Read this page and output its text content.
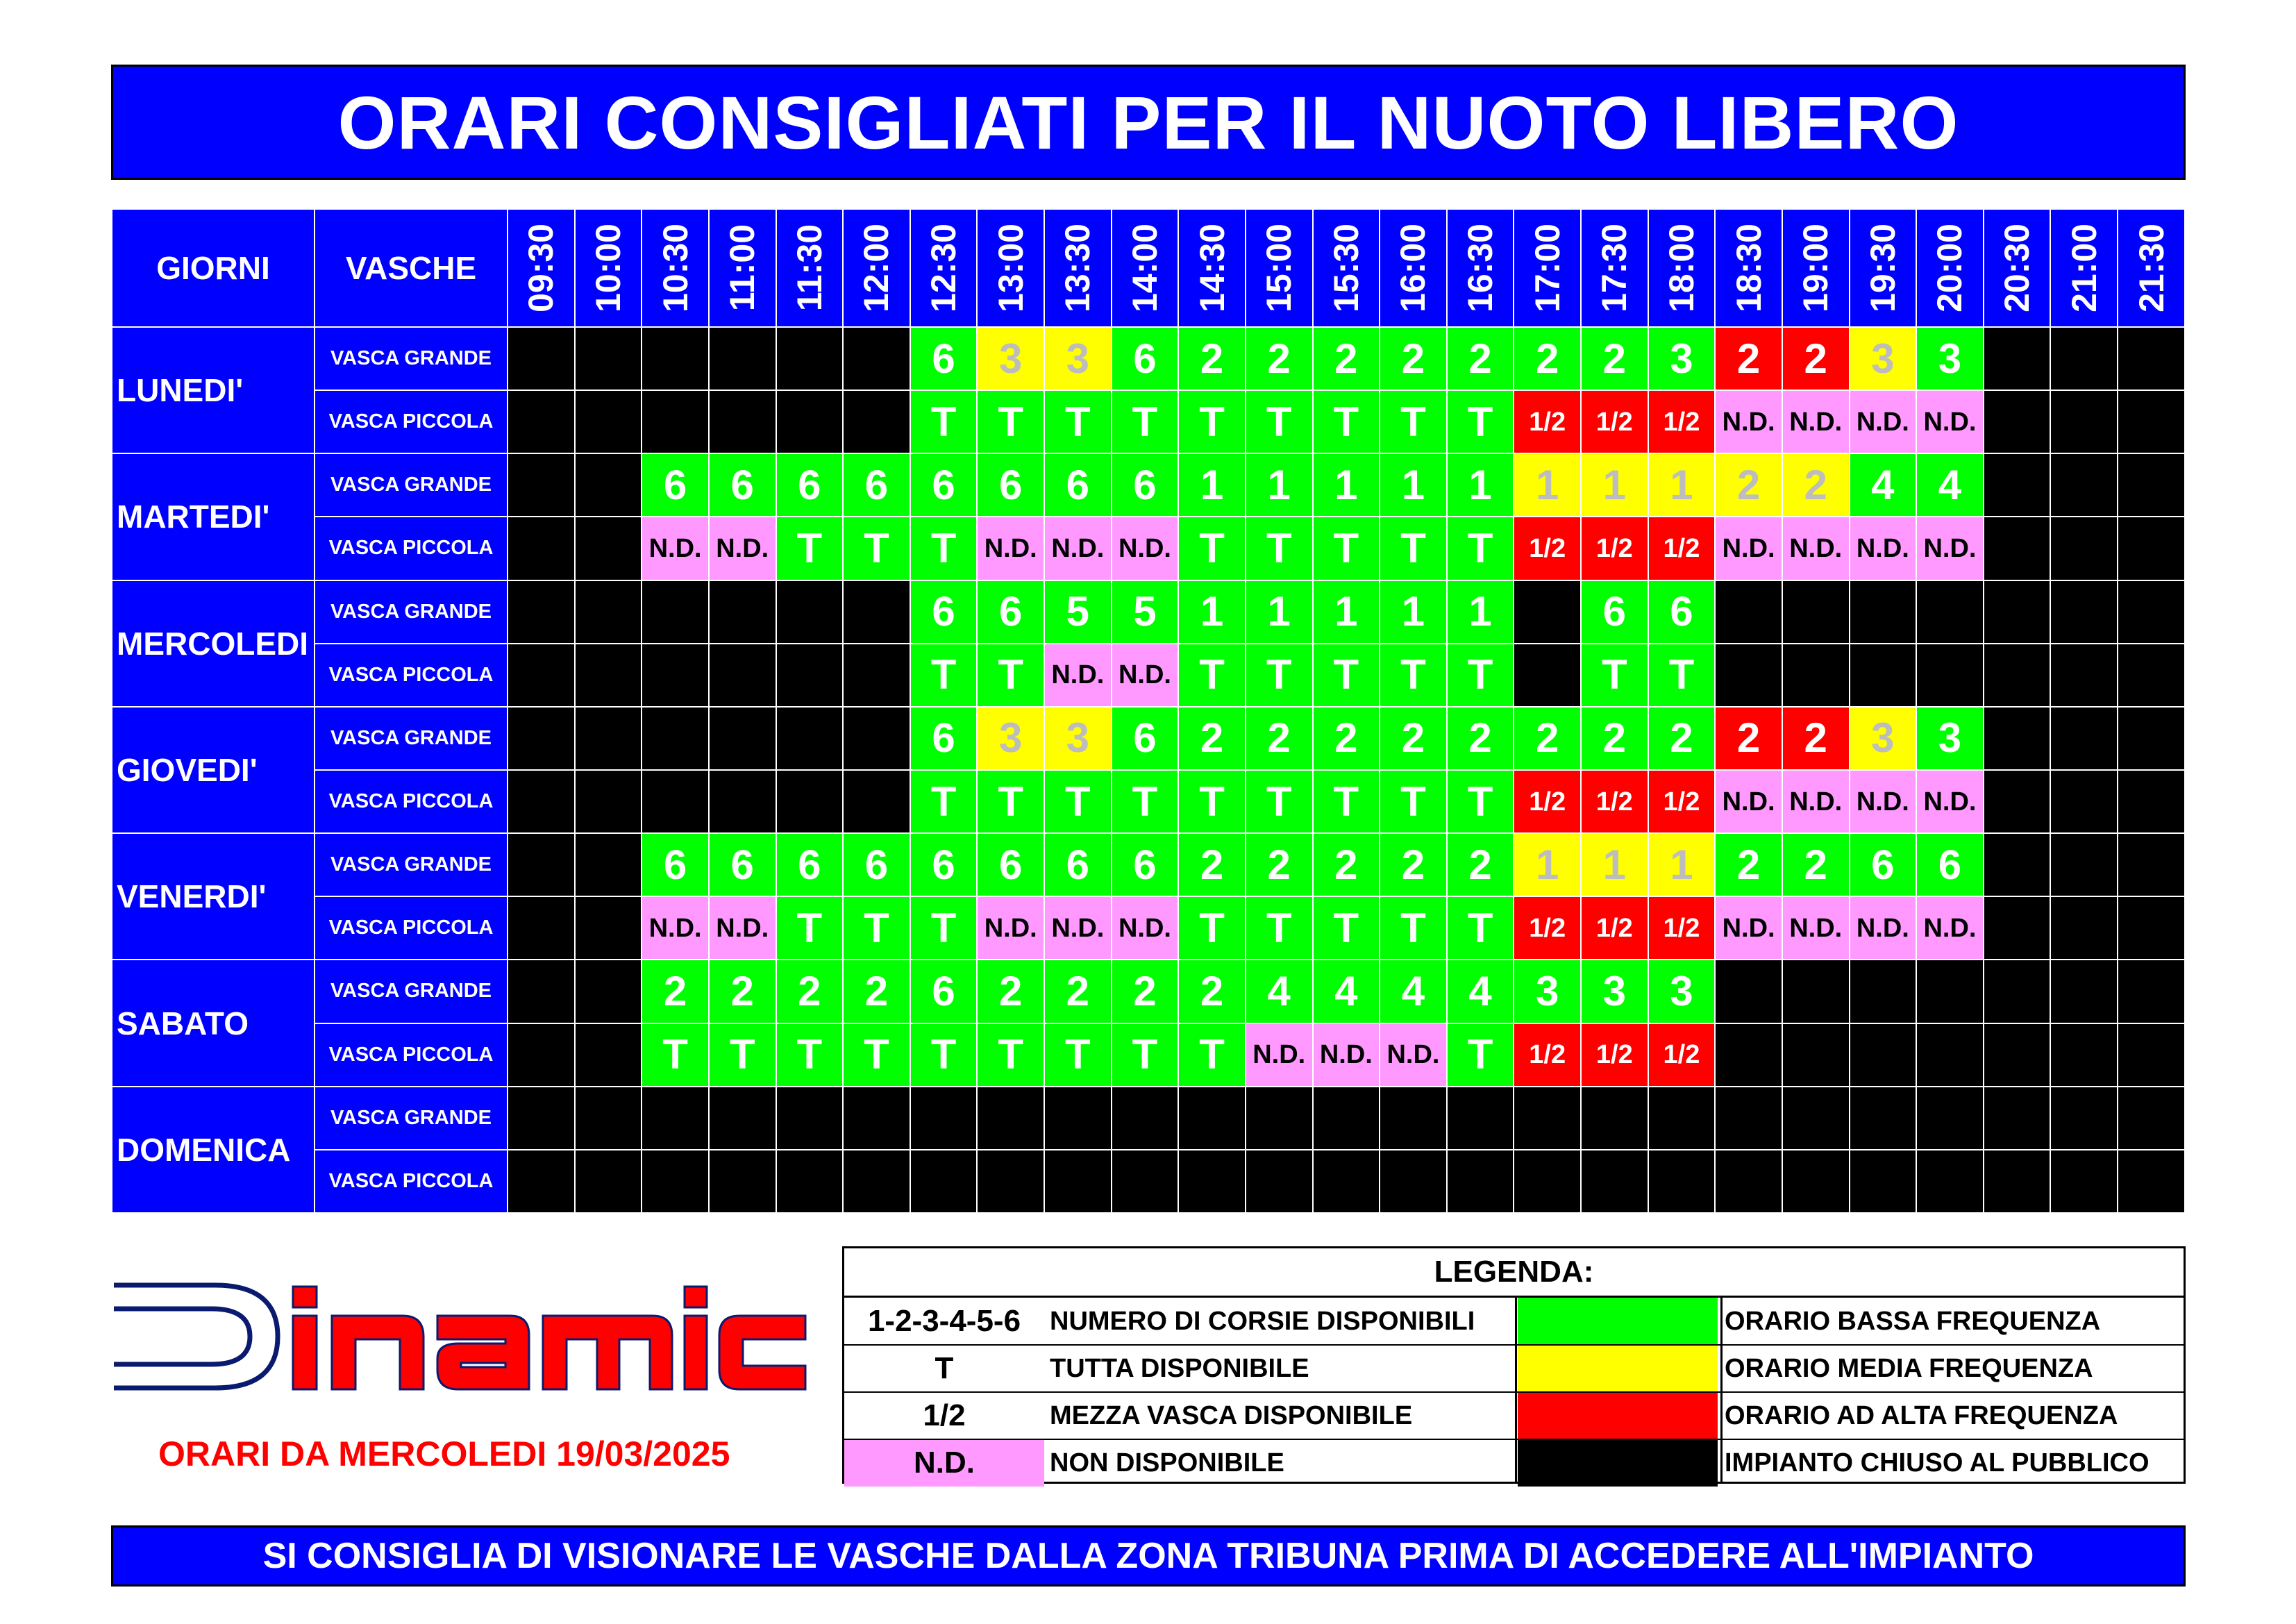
ORARI CONSIGLIATI PER IL NUOTO LIBERO
GIORNI	VASCHE	09:30	10:00	10:30	11:00	11:30	12:00	12:30	13:00	13:30	14:00	14:30	15:00	15:30	16:00	16:30	17:00	17:30	18:00	18:30	19:00	19:30	20:00	20:30	21:00	21:30

LUNEDI'	VASCA GRANDE							6	3	3	6	2	2	2	2	2	2	2	3	2	2	3	3			
	VASCA PICCOLA							T	T	T	T	T	T	T	T	T	1/2	1/2	1/2	N.D.	N.D.	N.D.	N.D.			
MARTEDI'	VASCA GRANDE			6	6	6	6	6	6	6	6	1	1	1	1	1	1	1	1	2	2	4	4			
	VASCA PICCOLA			N.D.	N.D.	T	T	T	N.D.	N.D.	N.D.	T	T	T	T	T	1/2	1/2	1/2	N.D.	N.D.	N.D.	N.D.			
MERCOLEDI	VASCA GRANDE							6	6	5	5	1	1	1	1	1		6	6							
	VASCA PICCOLA							T	T	N.D.	N.D.	T	T	T	T	T		T	T							
GIOVEDI'	VASCA GRANDE							6	3	3	6	2	2	2	2	2	2	2	2	2	2	3	3			
	VASCA PICCOLA							T	T	T	T	T	T	T	T	T	1/2	1/2	1/2	N.D.	N.D.	N.D.	N.D.			
VENERDI'	VASCA GRANDE			6	6	6	6	6	6	6	6	2	2	2	2	2	1	1	1	2	2	6	6			
	VASCA PICCOLA			N.D.	N.D.	T	T	T	N.D.	N.D.	N.D.	T	T	T	T	T	1/2	1/2	1/2	N.D.	N.D.	N.D.	N.D.			
SABATO	VASCA GRANDE			2	2	2	2	6	2	2	2	2	4	4	4	4	3	3	3							
	VASCA PICCOLA			T	T	T	T	T	T	T	T	T	N.D.	N.D.	N.D.	T	1/2	1/2	1/2							
DOMENICA	VASCA GRANDE																									
	VASCA PICCOLA																									
ORARI DA MERCOLEDI 19/03/2025
LEGENDA:
1-2-3-4-5-6	NUMERO DI CORSIE DISPONIBILI	ORARIO BASSA FREQUENZA
T	TUTTA DISPONIBILE	ORARIO MEDIA FREQUENZA
1/2	MEZZA VASCA DISPONIBILE	ORARIO AD ALTA FREQUENZA
N.D.	NON DISPONIBILE	IMPIANTO CHIUSO AL PUBBLICO
SI CONSIGLIA DI VISIONARE LE VASCHE DALLA ZONA TRIBUNA PRIMA DI ACCEDERE ALL'IMPIANTO
